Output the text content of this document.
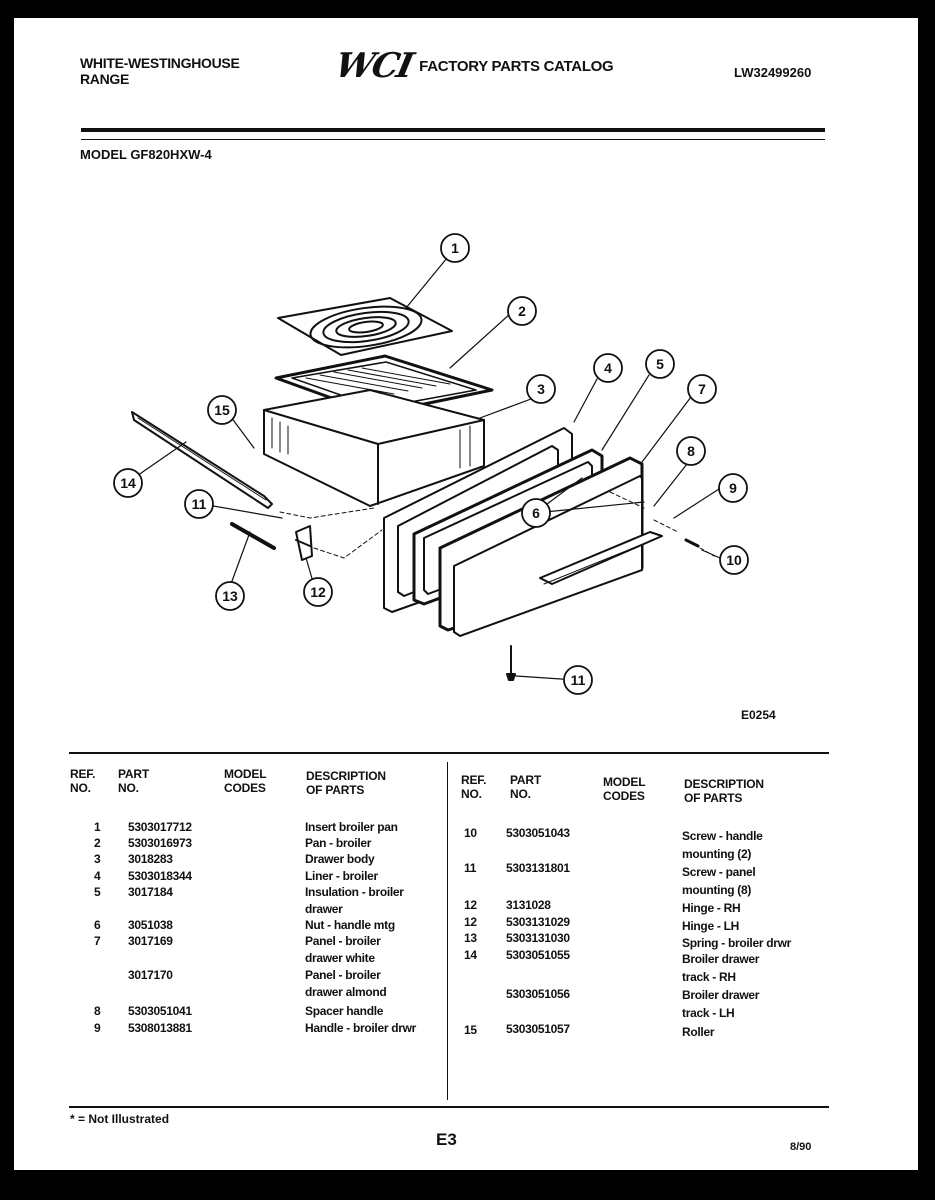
WHITE-WESTINGHOUSE
RANGE	WCI FACTORY PARTS CATALOG	LW32499260
MODEL GF820HXW-4
1
2
3
4	5
6
7
8
9
10
11
12
13
14
15
11
E0254
REF.
NO.
PART
NO.
MODEL
CODES
DESCRIPTION
OF PARTS
REF.
NO.
PART
NO.
MODEL
CODES
DESCRIPTION
OF PARTS
* = Not Illustrated
E3	8/90
1 5303017712	Insert broiler pan
2 5303016973	Pan - broiler
3 3018283	Drawer body
4 5303018344	Liner - broiler
5 3017184	Insulation - broiler
drawer
6 3051038	Nut - handle mtg
7 3017169	Panel - broiler
drawer white
3017170	Panel - broiler
drawer almond
8 5303051041	Spacer handle
9 5308013881	Handle - broiler drwr
10 5303051043	Screw - handle
mounting (2)
11 5303131801	Screw - panel
mounting (8)
12 3131028	Hinge - RH
12 5303131029	Hinge - LH
13 5303131030	Spring - broiler drwr
14 5303051055	Broiler drawer
track - RH
5303051056	Broiler drawer
track - LH
15 5303051057	Roller
